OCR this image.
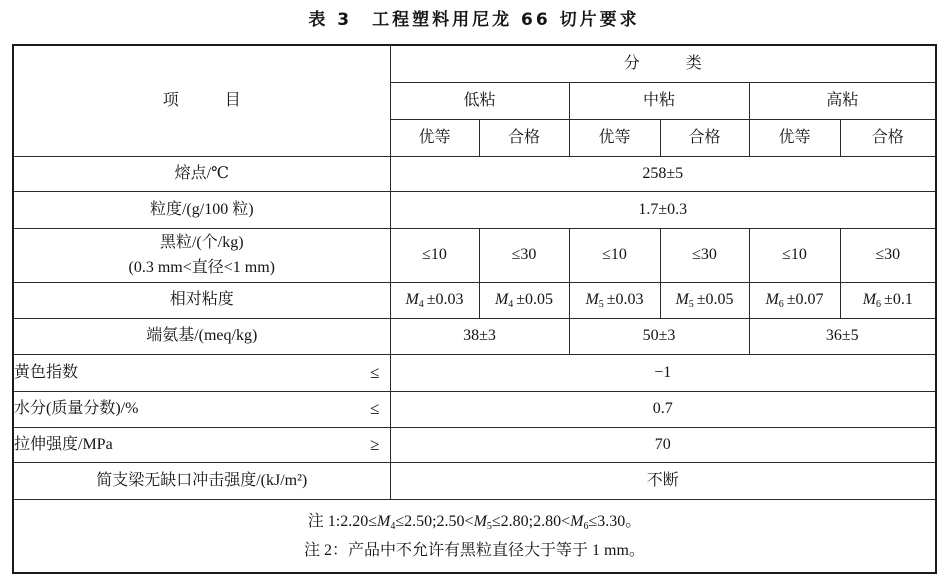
表 3 工程塑料用尼龙 66 切片要求
项 目	分 类					
	低粘		中粘		高粘	
	优等	合格	优等	合格	优等	合格
熔点/℃	258±5					
粒度/(g/100 粒)	1.7±0.3					

黑粒/(个/kg)
(0.3 mm<直径<1 mm)	≤10	≤30	≤10	≤30	≤10	≤30
相对粘度	$M_4 \pm 0.03$	$M_4 \pm 0.05$	$M_5 \pm 0.03$	$M_5 \pm 0.05$	$M_6 \pm 0.07$	$M_6 \pm 0.1$
端氨基/(meq/kg)	38±3		50±3		36±5	

黄色指数 ≤	−1					

水分(质量分数)/% ≤	0.7					

拉伸强度/MPa ≥	70					
简支梁无缺口冲击强度/(kJ/m²)	不断					

注 $1:2.20\le M_4\le 2.50;2.50<M_5\le 2.80;2.80<M_6\le 3.30$。
注 2：产品中不允许有黑粒直径大于等于 1 mm。						
